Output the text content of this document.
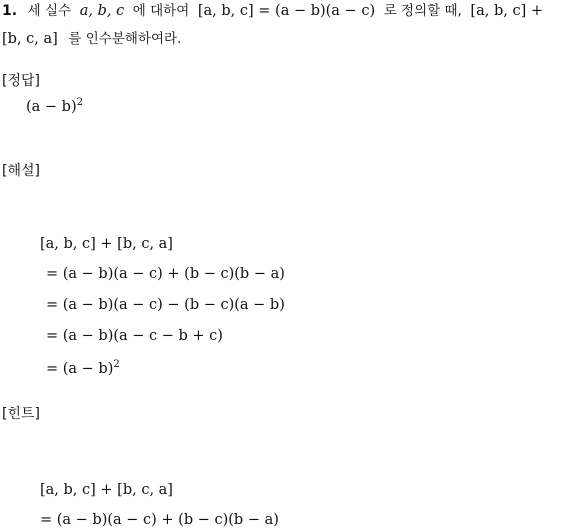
1. 세 실수 a, b, c 에 대하여 [a, b, c] = (a − b)(a − c) 로 정의할 때, [a, b, c] +
[b, c, a] 를 인수분해하여라.
[정답]
$(a - b)^2$
[해설]
[a, b, c] + [b, c, a]
= (a − b)(a − c) + (b − c)(b − a)
= (a − b)(a − c) − (b − c)(a − b)
= (a − b)(a − c − b + c)
= $(a - b)^2$
[힌트]
[a, b, c] + [b, c, a]
= (a − b)(a − c) + (b − c)(b − a)
